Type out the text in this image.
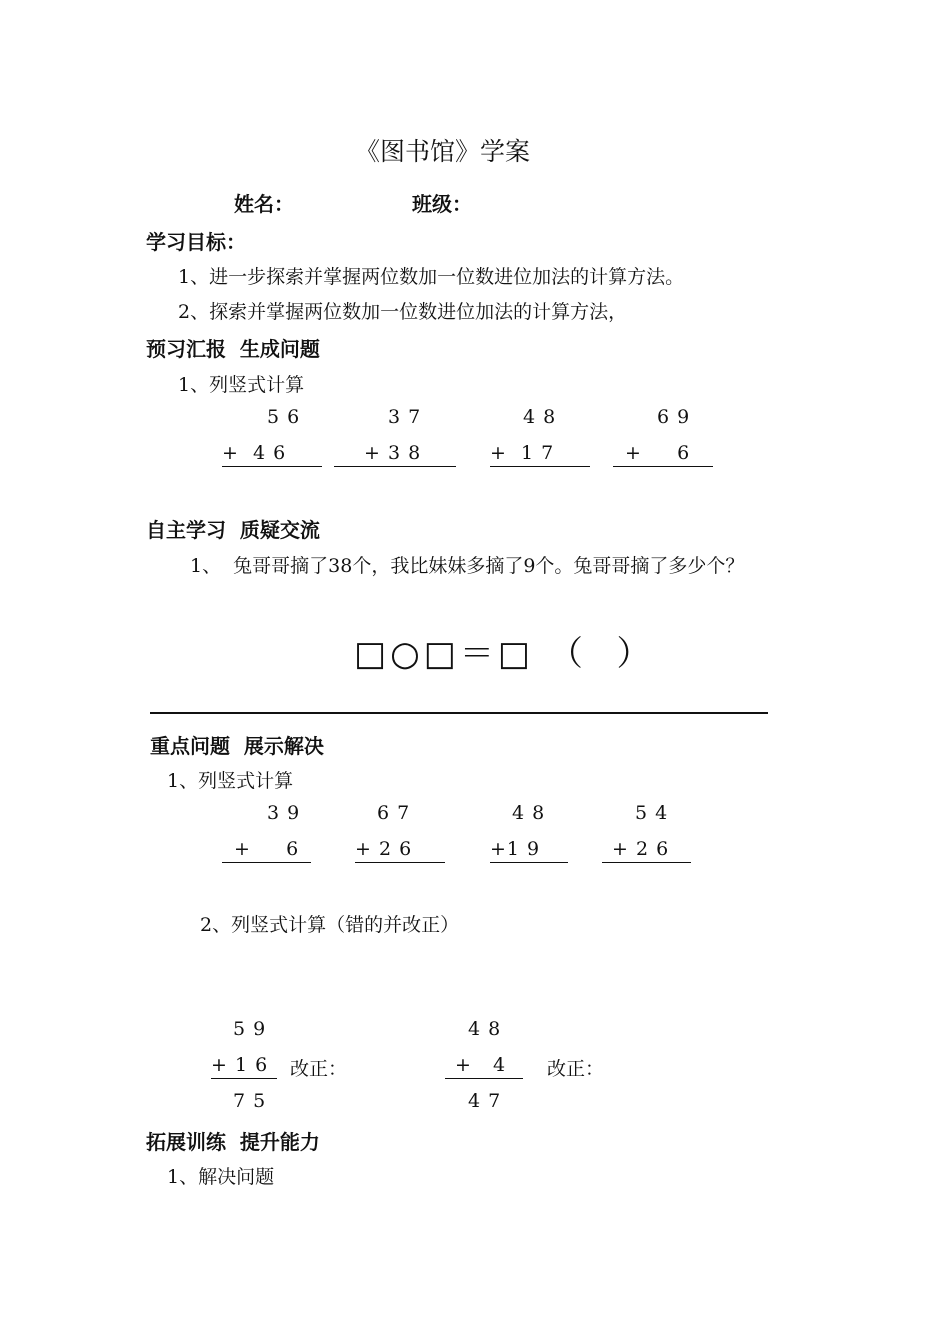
《图书馆》学案
姓名：	班级：
学习目标：
1、进一步探索并掌握两位数加一位数进位加法的计算方法。
2、探索并掌握两位数加一位数进位加法的计算方法，
预习汇报  生成问题
1、列竖式计算
5 6
+  4 6
3 7
+ 3 8
4 8
+  1 7
6 9
+     6
自主学习  质疑交流
1、  兔哥哥摘了38个，我比妹妹多摘了9个。兔哥哥摘了多少个？
□○□＝□ （  ）
重点问题  展示解决
1、列竖式计算
3 9
+     6
6 7
+ 2 6
4 8
+1 9
5 4
+ 2 6
2、列竖式计算（错的并改正）
5 9
+ 1 6	改正：
7 5
4 8
+   4	改正：
4 7
拓展训练  提升能力
1、解决问题
